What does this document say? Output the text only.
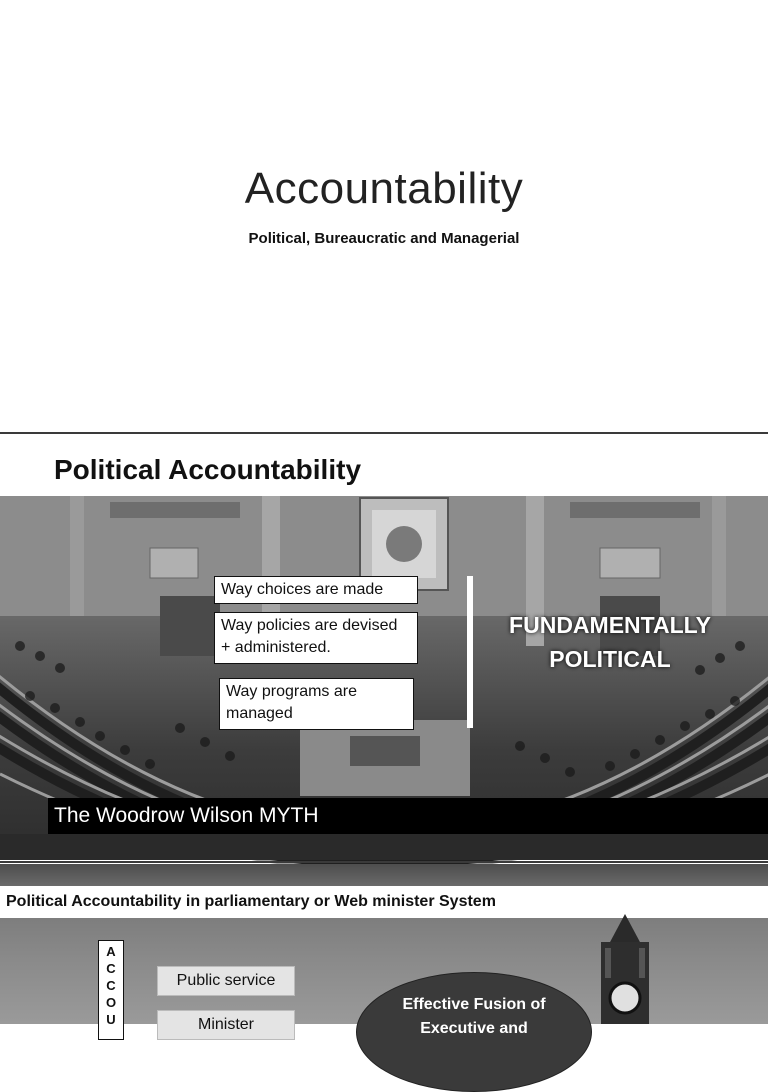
Accountability
Political, Bureaucratic and Managerial
Political Accountability
Way choices are made
Way policies are devised + administered.
Way programs are managed
FUNDAMENTALLY
POLITICAL
The Woodrow Wilson MYTH
Political Accountability in parliamentary or Web minister System
A
C
C
O
U
Public service
Minister
Effective Fusion of
Executive and
